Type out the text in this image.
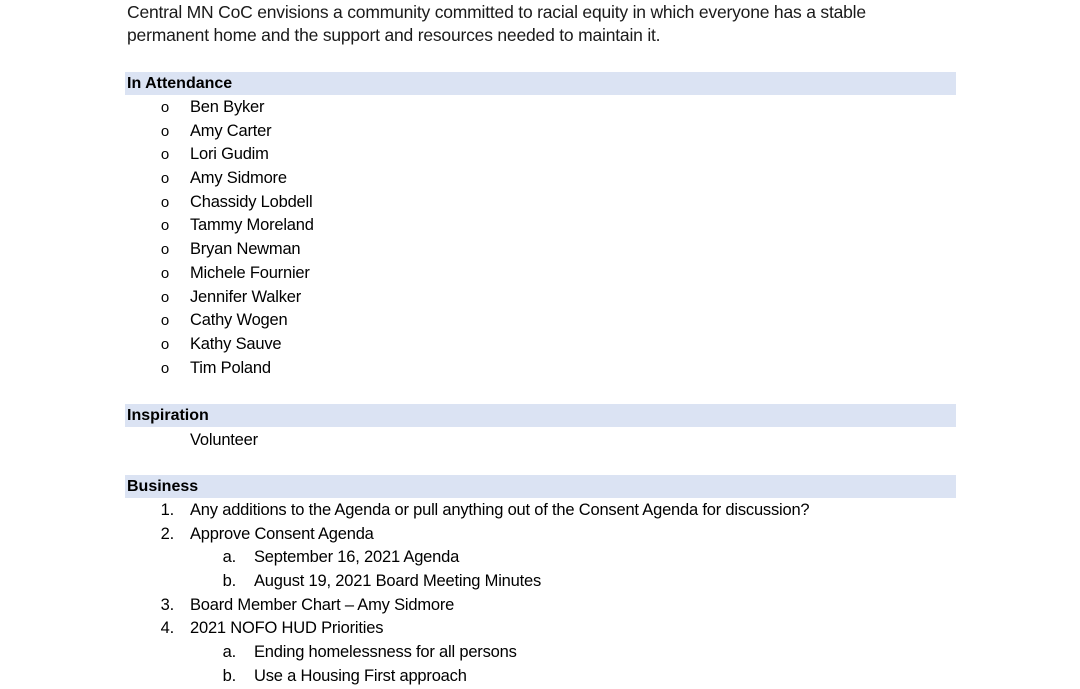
Central MN CoC envisions a community committed to racial equity in which everyone has a stable
permanent home and the support and resources needed to maintain it.
In Attendance
o Ben Byker
o Amy Carter
o Lori Gudim
o Amy Sidmore
o Chassidy Lobdell
o Tammy Moreland
o Bryan Newman
o Michele Fournier
o Jennifer Walker
o Cathy Wogen
o Kathy Sauve
o Tim Poland
Inspiration
Volunteer
Business
1. Any additions to the Agenda or pull anything out of the Consent Agenda for discussion?
2. Approve Consent Agenda
a. September 16, 2021 Agenda
b. August 19, 2021 Board Meeting Minutes
3. Board Member Chart – Amy Sidmore
4. 2021 NOFO HUD Priorities
a. Ending homelessness for all persons
b. Use a Housing First approach
